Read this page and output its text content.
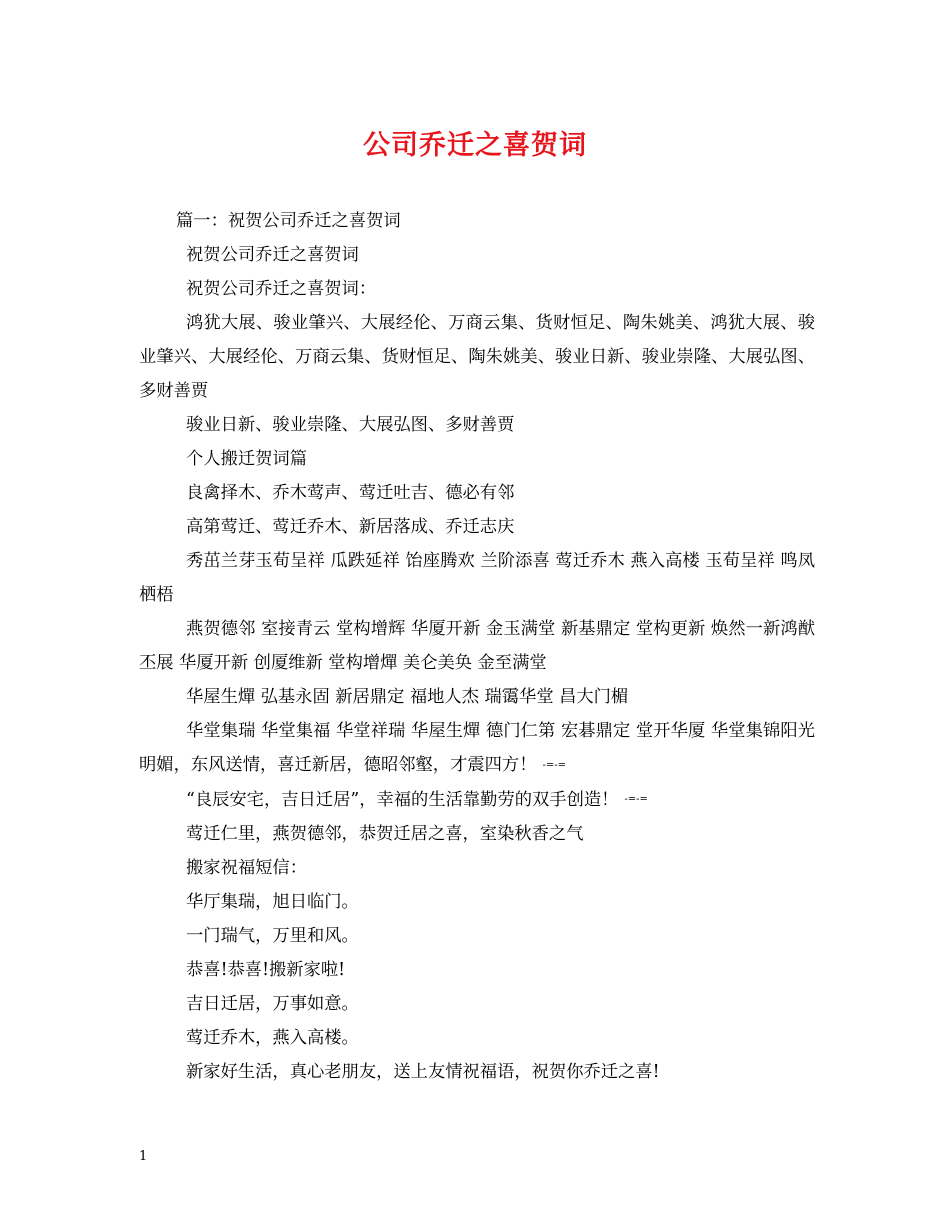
公司乔迁之喜贺词

篇一：祝贺公司乔迁之喜贺词

祝贺公司乔迁之喜贺词

祝贺公司乔迁之喜贺词：

鸿犹大展、骏业肇兴、大展经伦、万商云集、货财恒足、陶朱姚美、鸿犹大展、骏业肇兴、大展经伦、万商云集、货财恒足、陶朱姚美、骏业日新、骏业崇隆、大展弘图、多财善贾

骏业日新、骏业崇隆、大展弘图、多财善贾

个人搬迁贺词篇

良禽择木、乔木莺声、莺迁吐吉、德必有邻

高第莺迁、莺迁乔木、新居落成、乔迁志庆

秀茁兰芽玉荀呈祥 瓜跌延祥 饴座腾欢 兰阶添喜 莺迁乔木 燕入高楼 玉荀呈祥 鸣凤栖梧

燕贺德邻 室接青云 堂构增辉 华厦开新 金玉满堂 新基鼎定 堂构更新 焕然一新鸿猷丕展 华厦开新 创厦维新 堂构增燀 美仑美奂 金至满堂

华屋生燀 弘基永固 新居鼎定 福地人杰 瑞霭华堂 昌大门楣

华堂集瑞 华堂集福 华堂祥瑞 华屋生燀 德门仁第 宏碁鼎定 堂开华厦 华堂集锦阳光明媚，东风送情，喜迁新居，德昭邻壑，才震四方！ -=-=

“良辰安宅，吉日迁居”，幸福的生活靠勤劳的双手创造！ -=-=

莺迁仁里，燕贺德邻，恭贺迁居之喜，室染秋香之气

搬家祝福短信：

华厅集瑞，旭日临门。

一门瑞气，万里和风。

恭喜!恭喜!搬新家啦!

吉日迁居，万事如意。

莺迁乔木，燕入高楼。

新家好生活，真心老朋友，送上友情祝福语，祝贺你乔迁之喜!

1
